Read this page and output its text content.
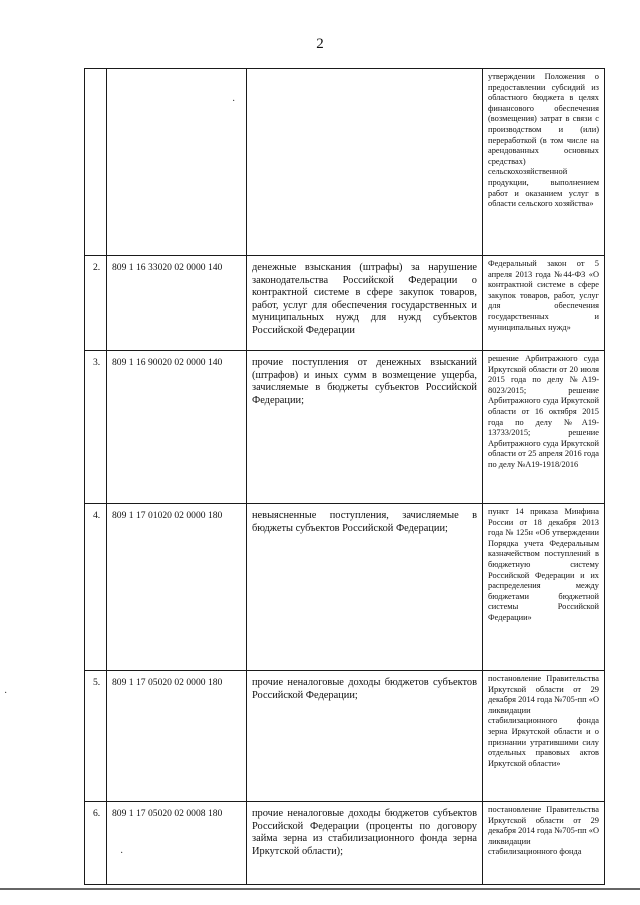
2
			утверждении Положения о предоставлении субсидий из областного бюджета в целях финансового обеспечения (возмещения) затрат в связи с производством и (или) переработкой (в том числе на арендованных основных средствах) сельскохозяйственной продукции, выполнением работ и оказанием услуг в области сельского хозяйства»
2.	809 1 16 33020 02 0000 140	денежные взыскания (штрафы) за нарушение законодательства Российской Федерации о контрактной системе в сфере закупок товаров, работ, услуг для обеспечения государственных и муниципальных нужд для нужд субъектов Российской Федерации	Федеральный закон от 5 апреля 2013 года №44-ФЗ «О контрактной системе в сфере закупок товаров, работ, услуг для обеспечения государственных и муниципальных нужд»
3.	809 1 16 90020 02 0000 140	прочие поступления от денежных взысканий (штрафов) и иных сумм в возмещение ущерба, зачисляемые в бюджеты субъектов Российской Федерации;	решение Арбитражного суда Иркутской области от 20 июля 2015 года по делу №А19-8023/2015; решение Арбитражного суда Иркутской области от 16 октября 2015 года по делу №А19-13733/2015; решение Арбитражного суда Иркутской области от 25 апреля 2016 года по делу №А19-1918/2016
4.	809 1 17 01020 02 0000 180	невыясненные поступления, зачисляемые в бюджеты субъектов Российской Федерации;	пункт 14 приказа Минфина России от 18 декабря 2013 года № 125н «Об утверждении Порядка учета Федеральным казначейством поступлений в бюджетную систему Российской Федерации и их распределения между бюджетами бюджетной системы Российской Федерации»
5.	809 1 17 05020 02 0000 180	прочие неналоговые доходы бюджетов субъектов Российской Федерации;	постановление Правительства Иркутской области от 29 декабря 2014 года №705-пп «О ликвидации стабилизационного фонда зерна Иркутской области и о признании утратившими силу отдельных правовых актов Иркутской области»
6.	809 1 17 05020 02 0008 180	прочие неналоговые доходы бюджетов субъектов Российской Федерации (проценты по договору займа зерна из стабилизационного фонда зерна Иркутской области);	постановление Правительства Иркутской области от 29 декабря 2014 года №705-пп «О ликвидации стабилизационного фонда
·
·
·
